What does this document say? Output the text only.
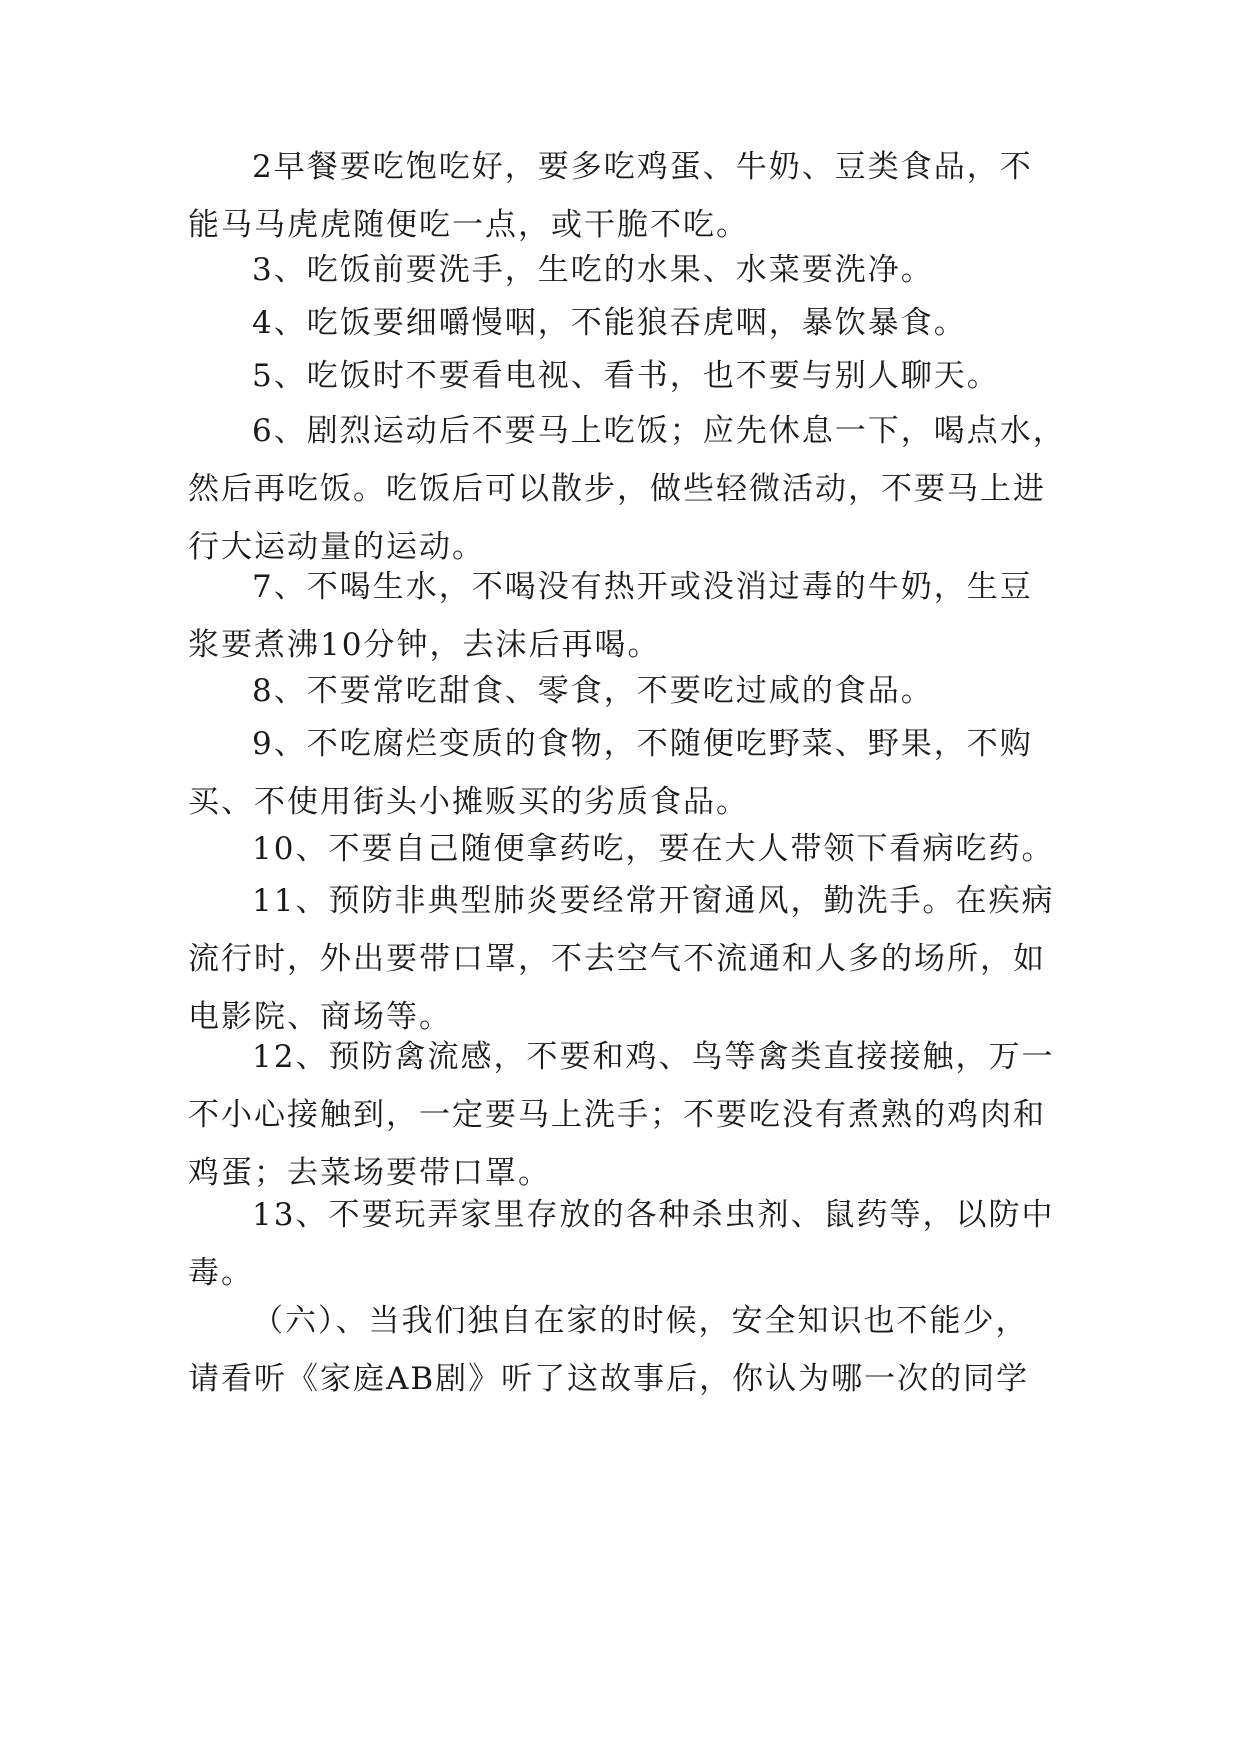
2早餐要吃饱吃好，要多吃鸡蛋、牛奶、豆类食品，不
能马马虎虎随便吃一点，或干脆不吃。

3、吃饭前要洗手，生吃的水果、水菜要洗净。

4、吃饭要细嚼慢咽，不能狼吞虎咽，暴饮暴食。

5、吃饭时不要看电视、看书，也不要与别人聊天。

6、剧烈运动后不要马上吃饭；应先休息一下，喝点水，
然后再吃饭。吃饭后可以散步，做些轻微活动，不要马上进
行大运动量的运动。

7、不喝生水，不喝没有热开或没消过毒的牛奶，生豆
浆要煮沸10分钟，去沫后再喝。

8、不要常吃甜食、零食，不要吃过咸的食品。

9、不吃腐烂变质的食物，不随便吃野菜、野果，不购
买、不使用街头小摊贩买的劣质食品。

10、不要自己随便拿药吃，要在大人带领下看病吃药。

11、预防非典型肺炎要经常开窗通风，勤洗手。在疾病
流行时，外出要带口罩，不去空气不流通和人多的场所，如
电影院、商场等。

12、预防禽流感，不要和鸡、鸟等禽类直接接触，万一
不小心接触到，一定要马上洗手；不要吃没有煮熟的鸡肉和
鸡蛋；去菜场要带口罩。

13、不要玩弄家里存放的各种杀虫剂、鼠药等，以防中
毒。

（六）、当我们独自在家的时候，安全知识也不能少，
请看听《家庭AB剧》听了这故事后，你认为哪一次的同学
